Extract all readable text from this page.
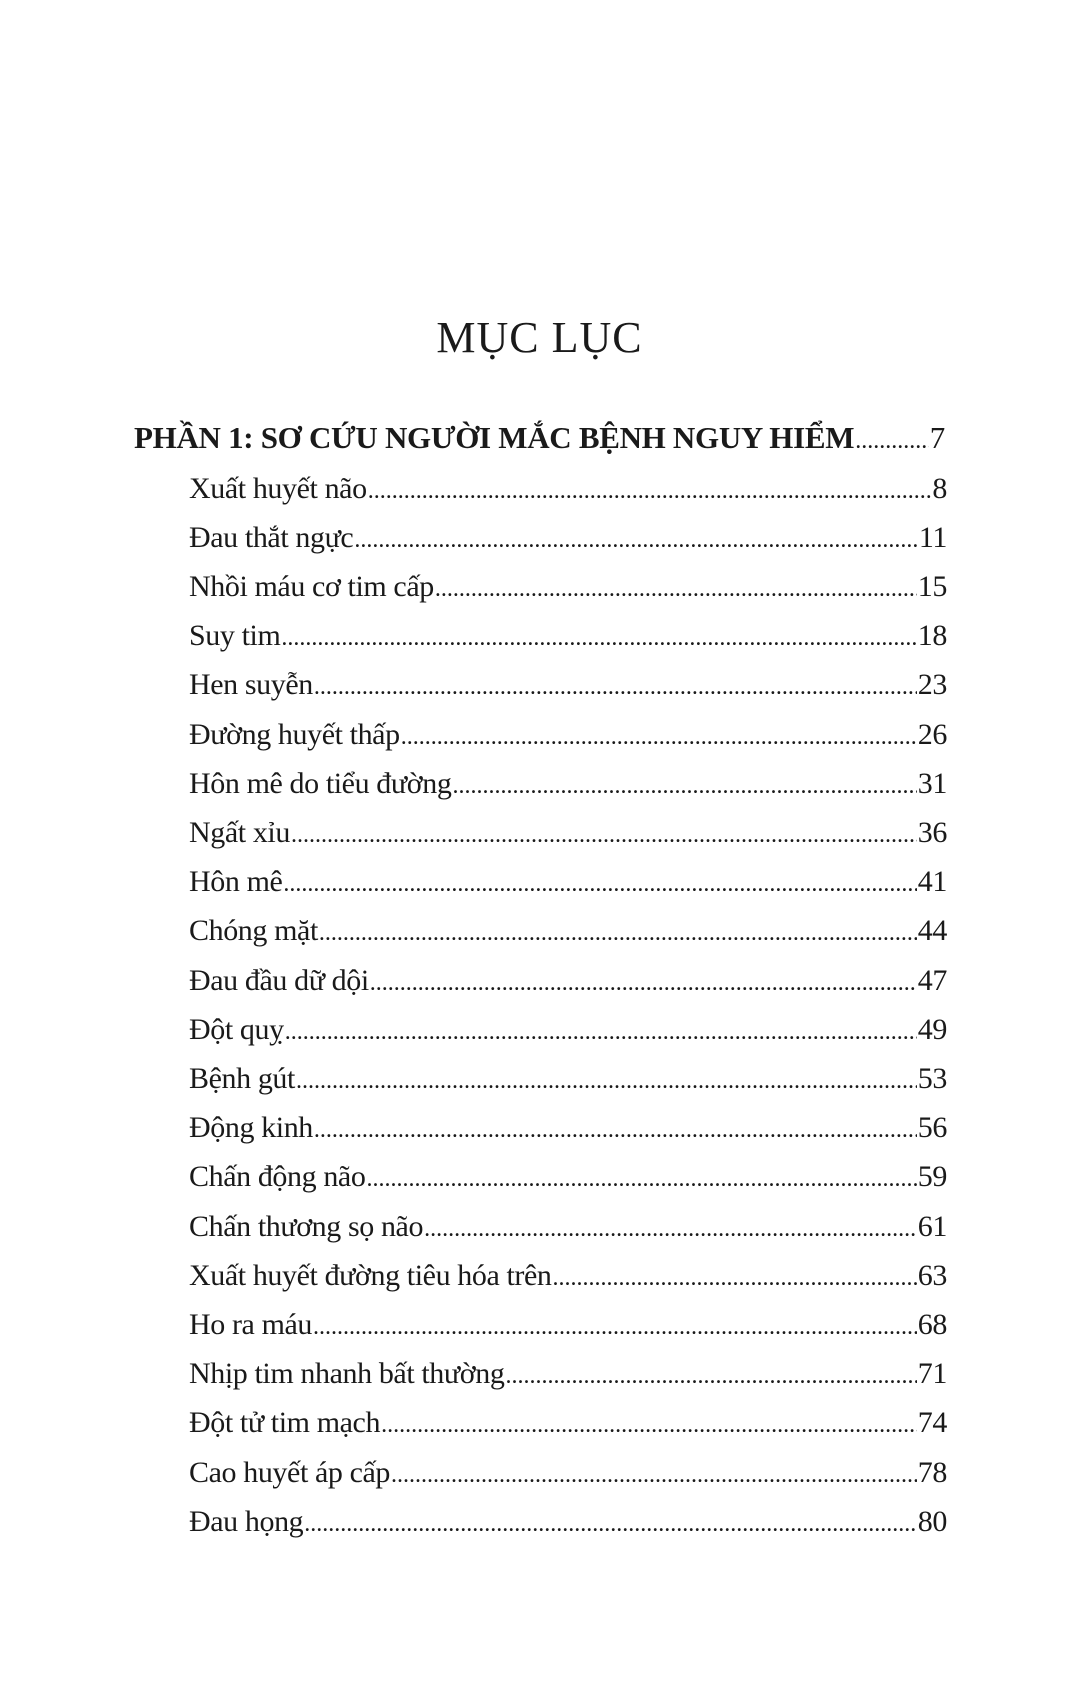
MỤC LỤC
PHẦN 1: SƠ CỨU NGƯỜI MẮC BỆNH NGUY HIỂM ..... 7
Xuất huyết não .....	8
Đau thắt ngực .....	11
Nhồi máu cơ tim cấp .....	15
Suy tim .....	18
Hen suyễn .....	23
Đường huyết thấp .....	26
Hôn mê do tiểu đường .....	31
Ngất xỉu .....	36
Hôn mê .....	41
Chóng mặt .....	44
Đau đầu dữ dội .....	47
Đột quỵ .....	49
Bệnh gút .....	53
Động kinh .....	56
Chấn động não .....	59
Chấn thương sọ não .....	61
Xuất huyết đường tiêu hóa trên .....	63
Ho ra máu .....	68
Nhịp tim nhanh bất thường .....	71
Đột tử tim mạch .....	74
Cao huyết áp cấp .....	78
Đau họng .....	80
